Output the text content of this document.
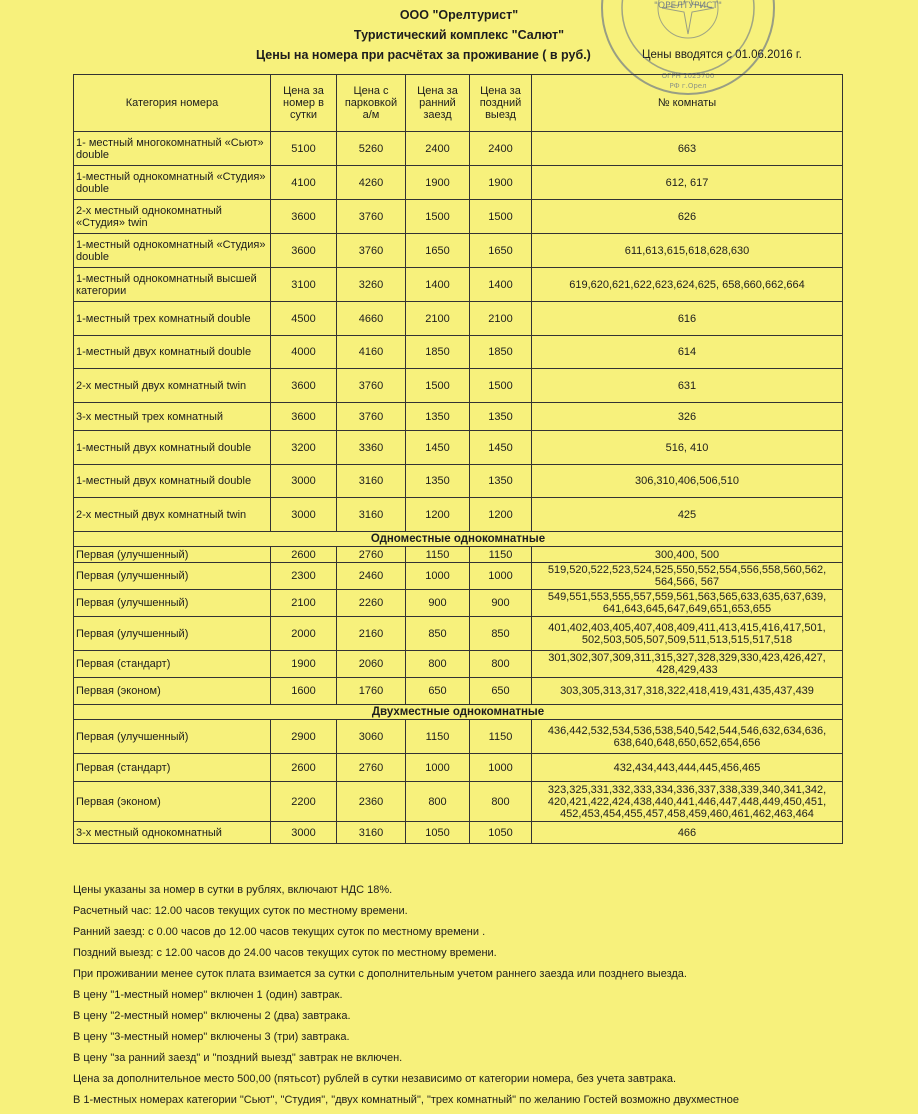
ООО "Орелтурист"
Туристический комплекс "Салют"
Цены на номера при расчётах за проживание ( в руб.)	Цены вводятся с 01.06.2016 г.
"ОРЕЛТУРИСТ"
ОГРН 1025700
РФ г.Орел
Категория номера	Цена за номер в сутки	Цена с парковкой а/м	Цена за ранний заезд	Цена за поздний выезд	№ комнаты
1- местный многокомнатный «Сьют» double	5100	5260	2400	2400	663
1-местный однокомнатный «Студия» double	4100	4260	1900	1900	612, 617
2-х местный однокомнатный «Студия» twin	3600	3760	1500	1500	626
1-местный однокомнатный «Студия» double	3600	3760	1650	1650	611,613,615,618,628,630
1-местный однокомнатный высшей категории	3100	3260	1400	1400	619,620,621,622,623,624,625, 658,660,662,664
1-местный трех комнатный double	4500	4660	2100	2100	616
1-местный двух комнатный double	4000	4160	1850	1850	614
2-х местный двух комнатный twin	3600	3760	1500	1500	631
3-х местный трех комнатный	3600	3760	1350	1350	326
1-местный двух комнатный double	3200	3360	1450	1450	516, 410
1-местный двух комнатный double	3000	3160	1350	1350	306,310,406,506,510
2-х местный двух комнатный twin	3000	3160	1200	1200	425
Одноместные однокомнатные					
Первая (улучшенный)	2600	2760	1150	1150	300,400, 500
Первая (улучшенный)	2300	2460	1000	1000	519,520,522,523,524,525,550,552,554,556,558,560,562, 564,566, 567
Первая (улучшенный)	2100	2260	900	900	549,551,553,555,557,559,561,563,565,633,635,637,639, 641,643,645,647,649,651,653,655
Первая (улучшенный)	2000	2160	850	850	401,402,403,405,407,408,409,411,413,415,416,417,501, 502,503,505,507,509,511,513,515,517,518
Первая (стандарт)	1900	2060	800	800	301,302,307,309,311,315,327,328,329,330,423,426,427, 428,429,433
Первая (эконом)	1600	1760	650	650	303,305,313,317,318,322,418,419,431,435,437,439
Двухместные однокомнатные					
Первая (улучшенный)	2900	3060	1150	1150	436,442,532,534,536,538,540,542,544,546,632,634,636, 638,640,648,650,652,654,656
Первая (стандарт)	2600	2760	1000	1000	432,434,443,444,445,456,465
Первая (эконом)	2200	2360	800	800	323,325,331,332,333,334,336,337,338,339,340,341,342, 420,421,422,424,438,440,441,446,447,448,449,450,451, 452,453,454,455,457,458,459,460,461,462,463,464
3-х местный однокомнатный	3000	3160	1050	1050	466
Цены указаны за номер в сутки в рублях, включают НДС 18%.
Расчетный час: 12.00 часов текущих суток по местному времени.
Ранний заезд: с 0.00 часов до 12.00 часов текущих суток по местному времени .
Поздний выезд: с 12.00 часов до 24.00 часов текущих суток по местному времени.
При проживании менее суток плата взимается за сутки с дополнительным учетом раннего заезда или позднего выезда.
В цену "1-местный номер" включен 1 (один) завтрак.
В цену "2-местный номер" включены 2 (два) завтрака.
В цену "3-местный номер" включены 3 (три) завтрака.
В цену "за ранний заезд" и "поздний выезд" завтрак не включен.
Цена за дополнительное место 500,00 (пятьсот) рублей в сутки независимо от категории номера, без учета завтрака.
В 1-местных номерах категории "Сьют", "Студия", "двух комнатный", "трех комнатный" по желанию Гостей возможно двухместное
